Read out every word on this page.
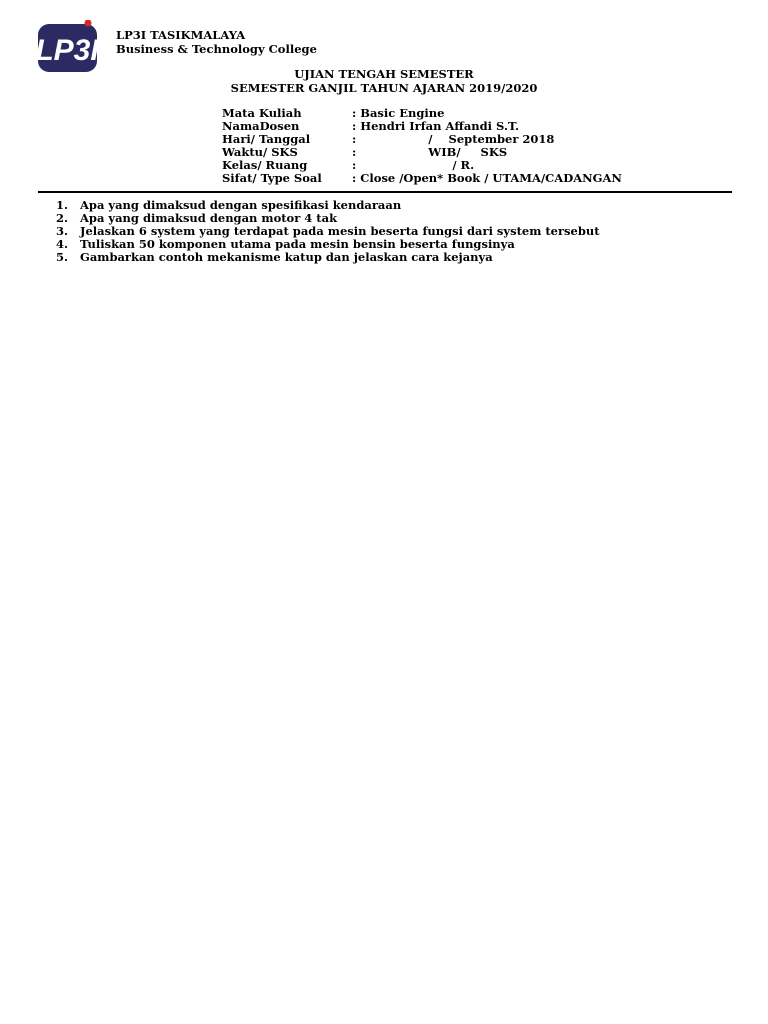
LP3I LP3I TASIKMALAYA
Business & Technology College
UJIAN TENGAH SEMESTER
SEMESTER GANJIL TAHUN AJARAN 2019/2020
Mata Kuliah	: Basic Engine
NamaDosen	: Hendri Irfan Affandi S.T.
Hari/ Tanggal	:                  /    September 2018
Waktu/ SKS	:                  WIB/     SKS
Kelas/ Ruang	:                        / R.
Sifat/ Type Soal	: Close /Open* Book / UTAMA/CADANGAN
1. Apa yang dimaksud dengan spesifikasi kendaraan
2. Apa yang dimaksud dengan motor 4 tak
3. Jelaskan 6 system yang terdapat pada mesin beserta fungsi dari system tersebut
4. Tuliskan 50 komponen utama pada mesin bensin beserta fungsinya
5. Gambarkan contoh mekanisme katup dan jelaskan cara kejanya
